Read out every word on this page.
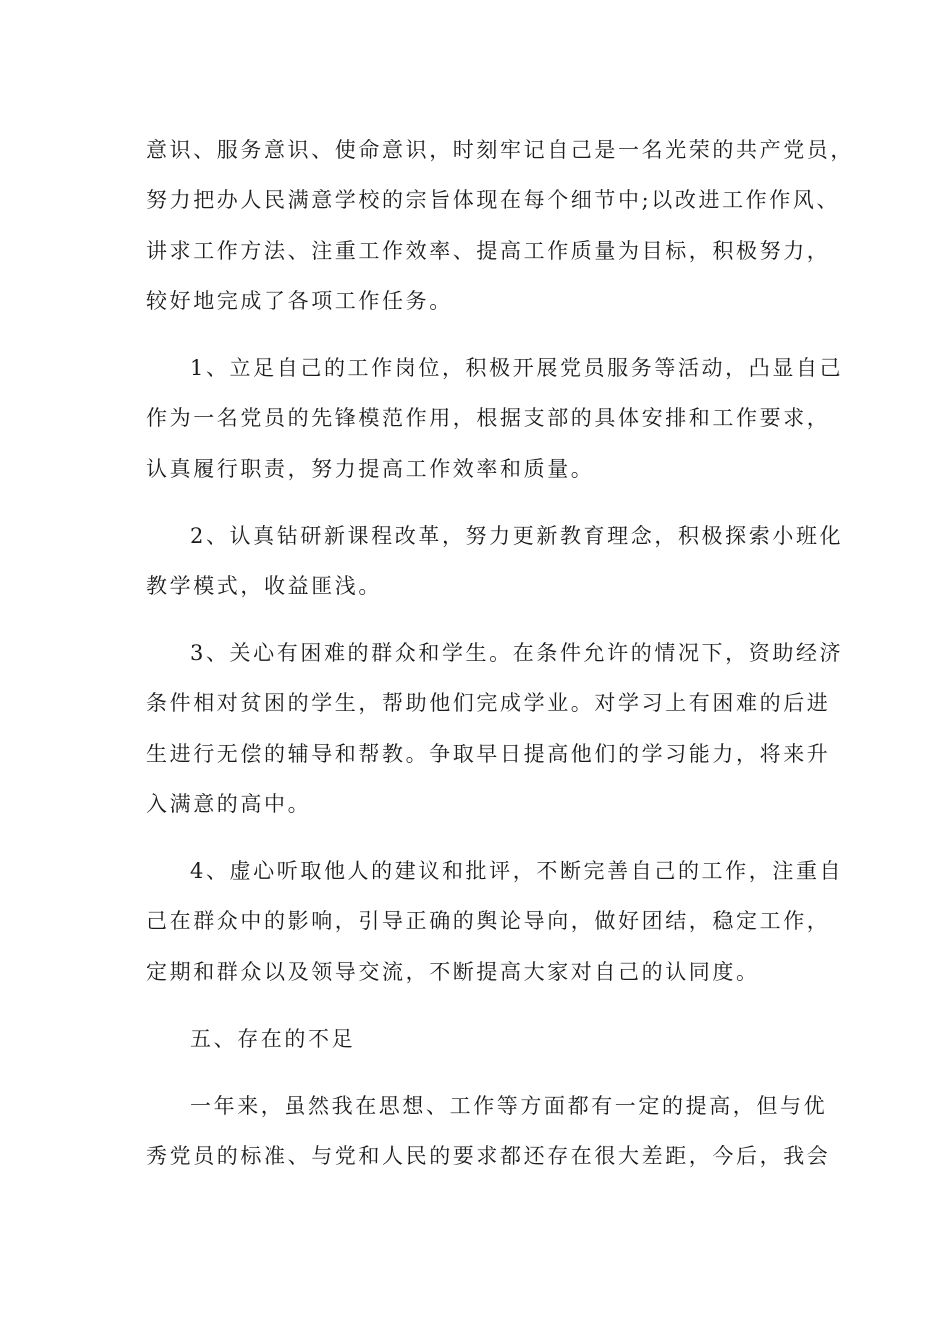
意识、服务意识、使命意识，时刻牢记自己是一名光荣的共产党员，
努力把办人民满意学校的宗旨体现在每个细节中;以改进工作作风、
讲求工作方法、注重工作效率、提高工作质量为目标，积极努力，
较好地完成了各项工作任务。
1、立足自己的工作岗位，积极开展党员服务等活动，凸显自己
作为一名党员的先锋模范作用，根据支部的具体安排和工作要求，
认真履行职责，努力提高工作效率和质量。
2、认真钻研新课程改革，努力更新教育理念，积极探索小班化
教学模式，收益匪浅。
3、关心有困难的群众和学生。在条件允许的情况下，资助经济
条件相对贫困的学生，帮助他们完成学业。对学习上有困难的后进
生进行无偿的辅导和帮教。争取早日提高他们的学习能力，将来升
入满意的高中。
4、虚心听取他人的建议和批评，不断完善自己的工作，注重自
己在群众中的影响，引导正确的舆论导向，做好团结，稳定工作，
定期和群众以及领导交流，不断提高大家对自己的认同度。
五、存在的不足
一年来，虽然我在思想、工作等方面都有一定的提高，但与优
秀党员的标准、与党和人民的要求都还存在很大差距，今后，我会
